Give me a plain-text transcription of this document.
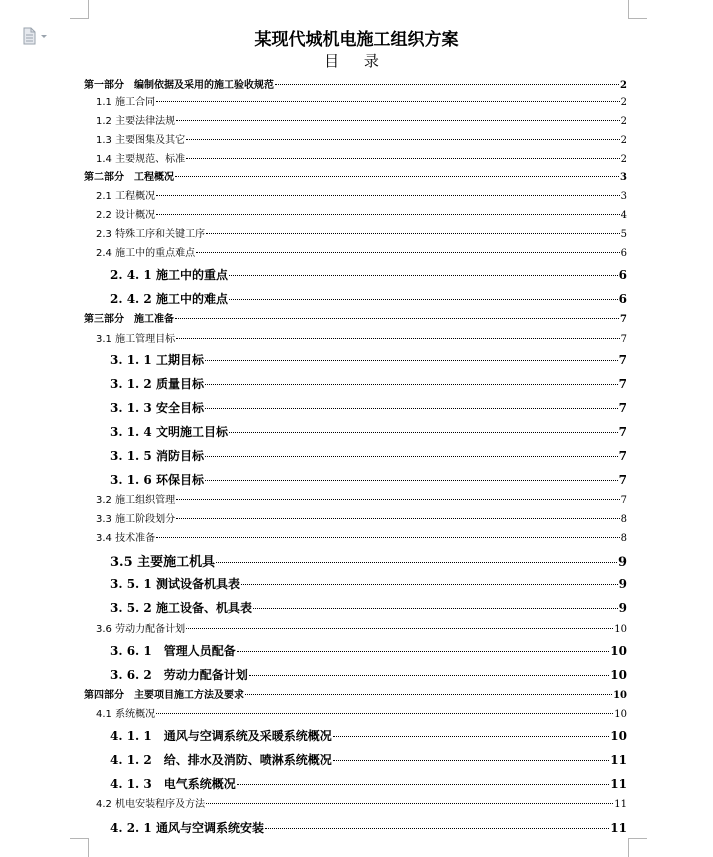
某现代城机电施工组织方案
目 录
第一部分　编制依据及采用的施工验收规范	2
1.1 施工合同	2
1.2 主要法律法规	2
1.3 主要图集及其它	2
1.4 主要规范、标准	2
第二部分　工程概况	3
2.1 工程概况	3
2.2 设计概况	4
2.3 特殊工序和关键工序	5
2.4 施工中的重点难点	6
2. 4. 1 施工中的重点	6
2. 4. 2 施工中的难点	6
第三部分　施工准备	7
3.1 施工管理目标	7
3. 1. 1 工期目标	7
3. 1. 2 质量目标	7
3. 1. 3 安全目标	7
3. 1. 4 文明施工目标	7
3. 1. 5 消防目标	7
3. 1. 6 环保目标	7
3.2 施工组织管理	7
3.3 施工阶段划分	8
3.4 技术准备	8
3.5 主要施工机具	9
3. 5. 1 测试设备机具表	9
3. 5. 2 施工设备、机具表	9
3.6 劳动力配备计划	10
3. 6. 1　管理人员配备	10
3. 6. 2　劳动力配备计划	10
第四部分　主要项目施工方法及要求	10
4.1 系统概况	10
4. 1. 1　通风与空调系统及采暖系统概况	10
4. 1. 2　给、排水及消防、喷淋系统概况	11
4. 1. 3　电气系统概况	11
4.2 机电安装程序及方法	11
4. 2. 1 通风与空调系统安装	11
